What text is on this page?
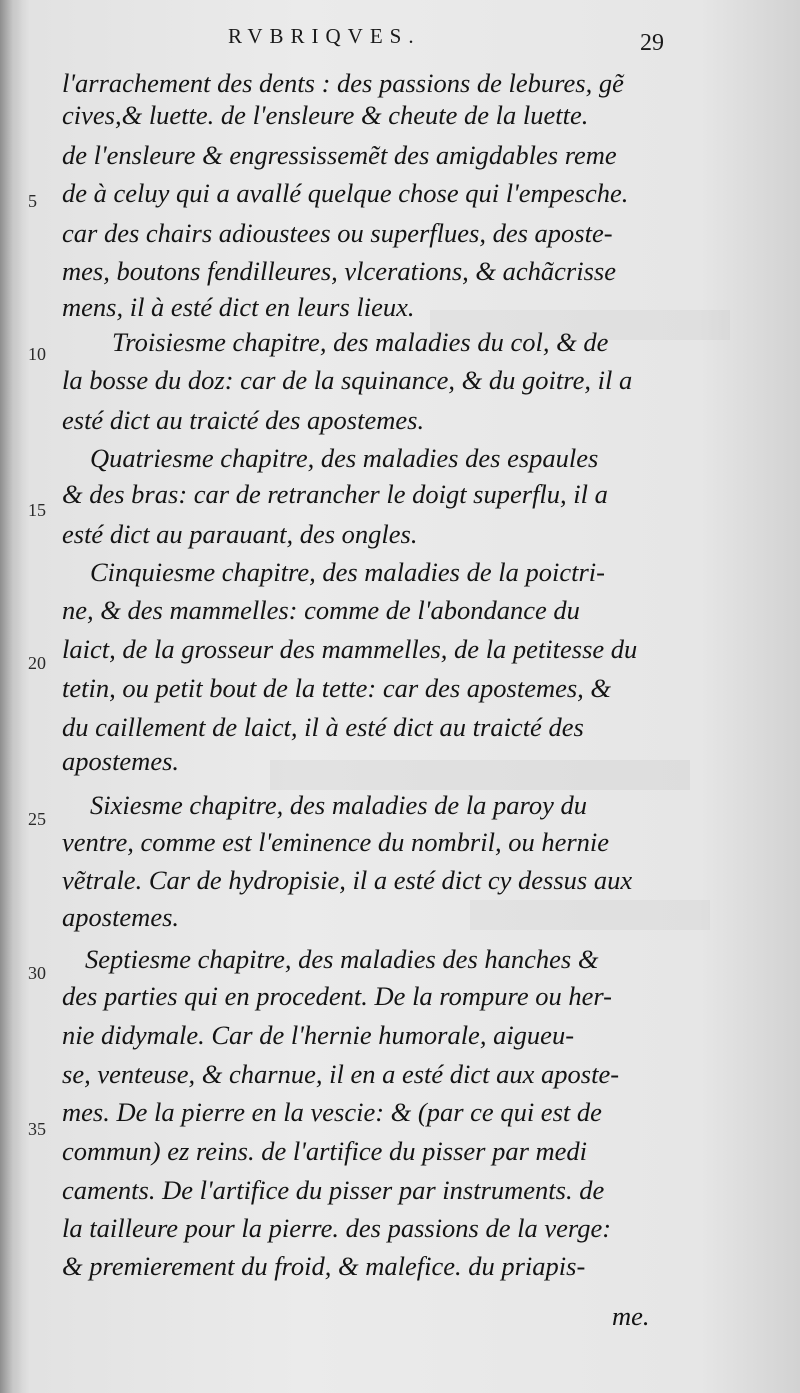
RVBRIQVES.	29
5
10
15
20
25
30
35
l'arrachement des dents : des passions de lebures, gẽ
cives,& luette. de l'ensleure & cheute de la luette.
de l'ensleure & engressissemẽt des amigdables reme
de à celuy qui a avallé quelque chose qui l'empesche.
car des chairs adioustees ou superflues, des aposte-
mes, boutons fendilleures, vlcerations, & achãcrisse
mens, il à esté dict en leurs lieux.
Troisiesme chapitre, des maladies du col, & de
la bosse du doz: car de la squinance, & du goitre, il a
esté dict au traicté des apostemes.
Quatriesme chapitre, des maladies des espaules
& des bras: car de retrancher le doigt superflu, il a
esté dict au parauant, des ongles.
Cinquiesme chapitre, des maladies de la poictri-
ne, & des mammelles: comme de l'abondance du
laict, de la grosseur des mammelles, de la petitesse du
tetin, ou petit bout de la tette: car des apostemes, &
du caillement de laict, il à esté dict au traicté des
apostemes.
Sixiesme chapitre, des maladies de la paroy du
ventre, comme est l'eminence du nombril, ou hernie
vẽtrale. Car de hydropisie, il a esté dict cy dessus aux
apostemes.
Septiesme chapitre, des maladies des hanches &
des parties qui en procedent. De la rompure ou her-
nie didymale. Car de l'hernie humorale, aigueu-
se, venteuse, & charnue, il en a esté dict aux aposte-
mes. De la pierre en la vescie: & (par ce qui est de
commun) ez reins. de l'artifice du pisser par medi
caments. De l'artifice du pisser par instruments. de
la tailleure pour la pierre. des passions de la verge:
& premierement du froid, & malefice. du priapis-
me.
